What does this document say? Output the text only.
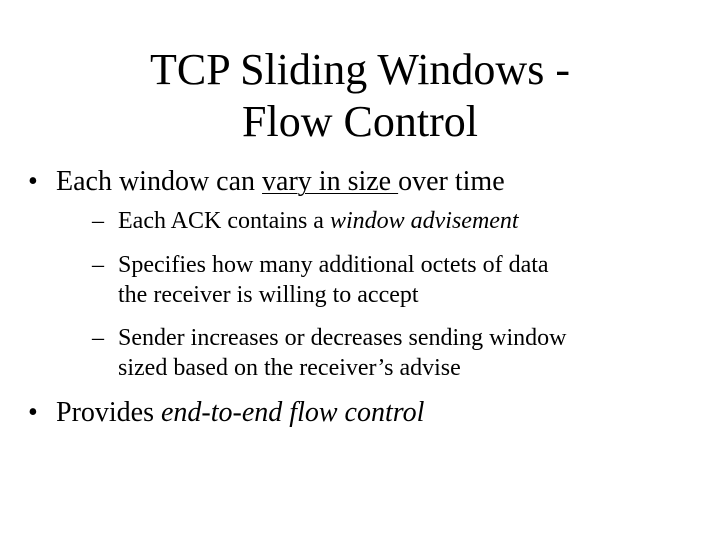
TCP Sliding Windows -
Flow Control
• Each window can vary in size over time
– Each ACK contains a window advisement
– Specifies how many additional octets of data
the receiver is willing to accept
– Sender increases or decreases sending window
sized based on the receiver’s advise
• Provides end-to-end flow control
